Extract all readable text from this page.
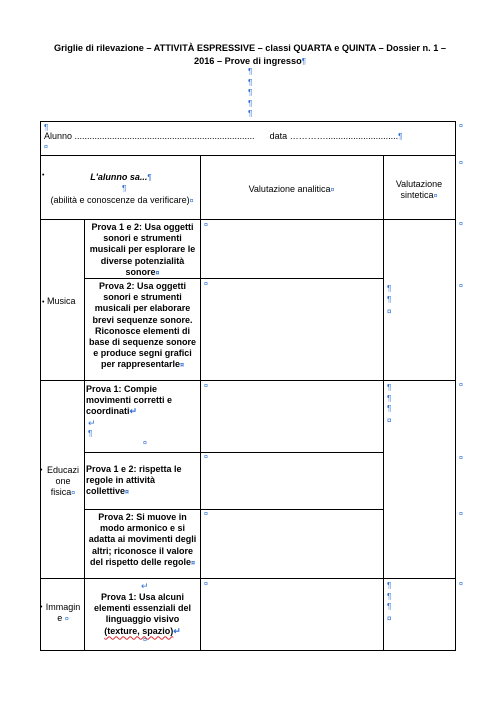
Griglie di rilevazione – ATTIVITÀ ESPRESSIVE – classi QUARTA e QUINTA – Dossier n. 1 –
2016 – Prove di ingresso¶
¶
¶
¶
¶
¶
¤
¤
¤
¤
¤
¤
¤
¤
¶
Alunno ........................................................................ data ………….............................¶
¤
L'alunno sa...¶
¶
(abilità e conoscenze da verificare)¤
•
Valutazione analitica¤
Valutazione
sintetica¤
• Musica
Prova 1 e 2: Usa oggetti sonori e strumenti musicali per esplorare le diverse potenzialità sonore¤
¤
Prova 2: Usa oggetti sonori e strumenti musicali per elaborare brevi sequenze sonore. Riconosce elementi di base di sequenze sonore e produce segni grafici per rappresentarle¤
¤	¶
¶
¤
• Educazi
one
fisica¤
Prova 1: Compie movimenti corretti e coordinati↵
↵
¶
¤
¤
Prova 1 e 2: rispetta le regole in attività collettive¤
¤
Prova 2: Si muove in modo armonico e si adatta ai movimenti degli altri; riconosce il valore del rispetto delle regole¤
¤
¶
¶
¶
¤
• Immagin
e ¤
↵
Prova 1: Usa alcuni elementi essenziali del linguaggio visivo
(texture, spazio)↵
¤
¤	¶
¶
¶
¤
